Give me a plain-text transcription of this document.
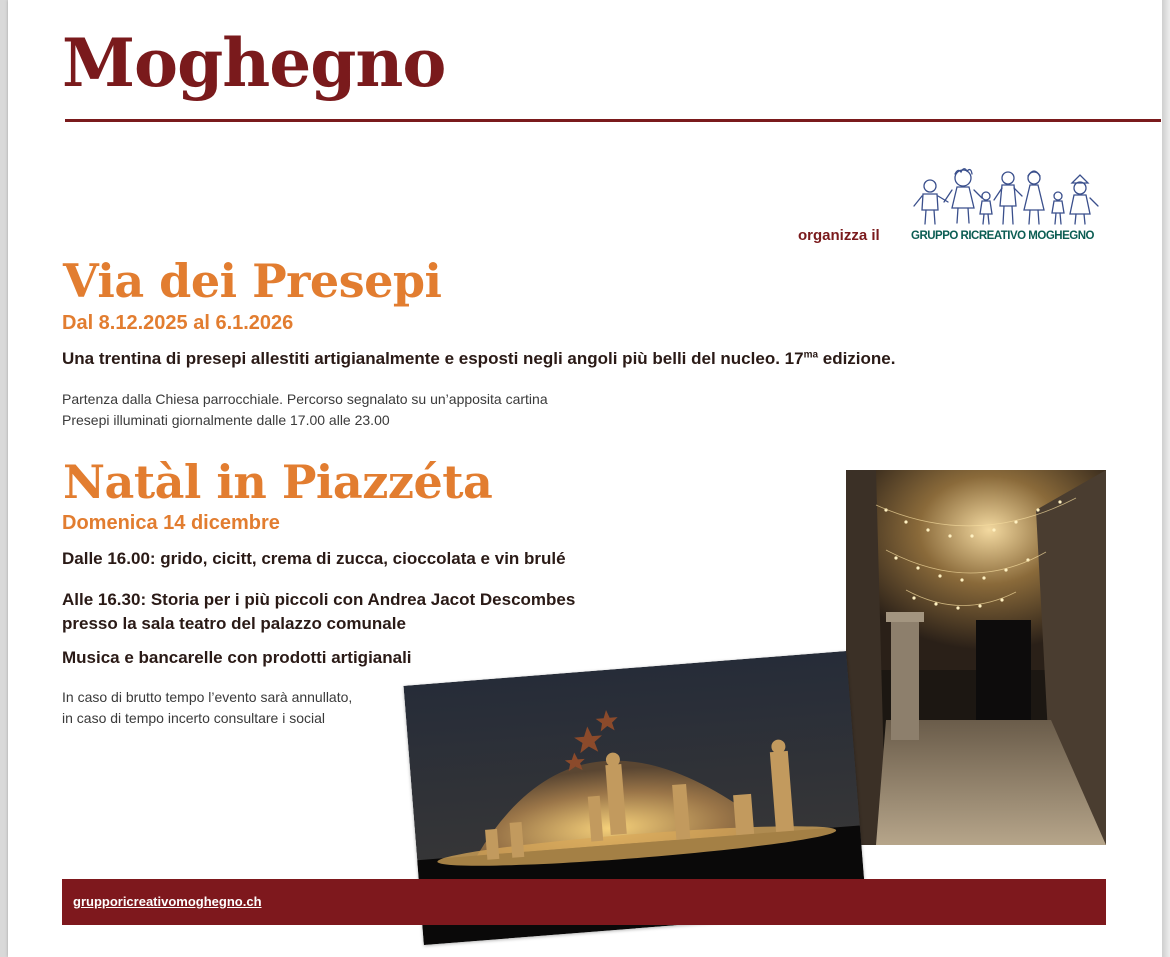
Moghegno
organizza il	GRUPPO RICREATIVO MOGHEGNO
Via dei Presepi

Dal 8.12.2025 al 6.1.2026

Una trentina di presepi allestiti artigianalmente e esposti negli angoli più belli del nucleo. $17^{ma}$ edizione.

Partenza dalla Chiesa parrocchiale. Percorso segnalato su un’apposita cartina

Presepi illuminati giornalmente dalle 17.00 alle 23.00

Natàl in Piazzéta

Domenica 14 dicembre

Dalle 16.00: grido, cicitt, crema di zucca, cioccolata e vin brulé

Alle 16.30: Storia per i più piccoli con Andrea Jacot Descombes

presso la sala teatro del palazzo comunale

Musica e bancarelle con prodotti artigianali

In caso di brutto tempo l’evento sarà annullato,

in caso di tempo incerto consultare i social

grupporicreativomoghegno.ch
